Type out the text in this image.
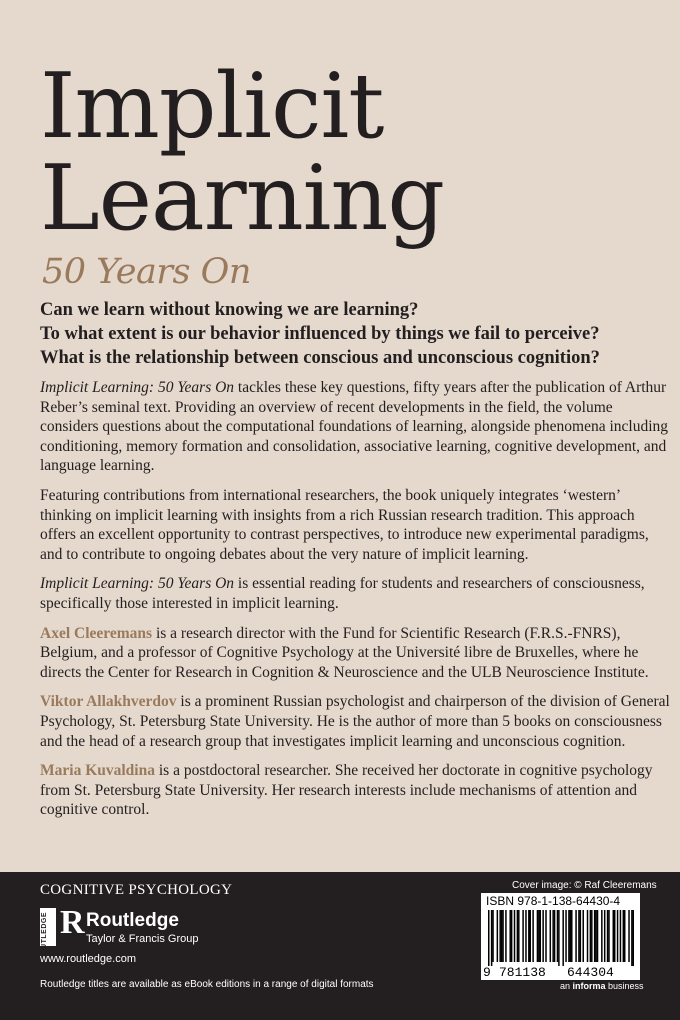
Implicit
Learning
50 Years On

Can we learn without knowing we are learning?

To what extent is our behavior influenced by things we fail to perceive?

What is the relationship between conscious and unconscious cognition?

Implicit Learning: 50 Years On tackles these key questions, fifty years after the publication of Arthur Reber’s seminal text. Providing an overview of recent developments in the field, the volume considers questions about the computational foundations of learning, alongside phenomena including conditioning, memory formation and consolidation, associative learning, cognitive development, and language learning.

Featuring contributions from international researchers, the book uniquely integrates ‘western’ thinking on implicit learning with insights from a rich Russian research tradition. This approach offers an excellent opportunity to contrast perspectives, to introduce new experimental paradigms, and to contribute to ongoing debates about the very nature of implicit learning.

Implicit Learning: 50 Years On is essential reading for students and researchers of consciousness, specifically those interested in implicit learning.

Axel Cleeremans is a research director with the Fund for Scientific Research (F.R.S.-FNRS), Belgium, and a professor of Cognitive Psychology at the Université libre de Bruxelles, where he directs the Center for Research in Cognition & Neuroscience and the ULB Neuroscience Institute.

Viktor Allakhverdov is a prominent Russian psychologist and chairperson of the division of General Psychology, St. Petersburg State University. He is the author of more than 5 books on consciousness and the head of a research group that investigates implicit learning and unconscious cognition.

Maria Kuvaldina is a postdoctoral researcher. She received her doctorate in cognitive psychology from St. Petersburg State University. Her research interests include mechanisms of attention and cognitive control.

COGNITIVE PSYCHOLOGY
ROUTLEDGE R Routledge
Taylor & Francis Group
www.routledge.com
Routledge titles are available as eBook editions in a range of digital formats
Cover image: © Raf Cleeremans
ISBN 978-1-138-64430-4
9 781138 644304
an informa business
